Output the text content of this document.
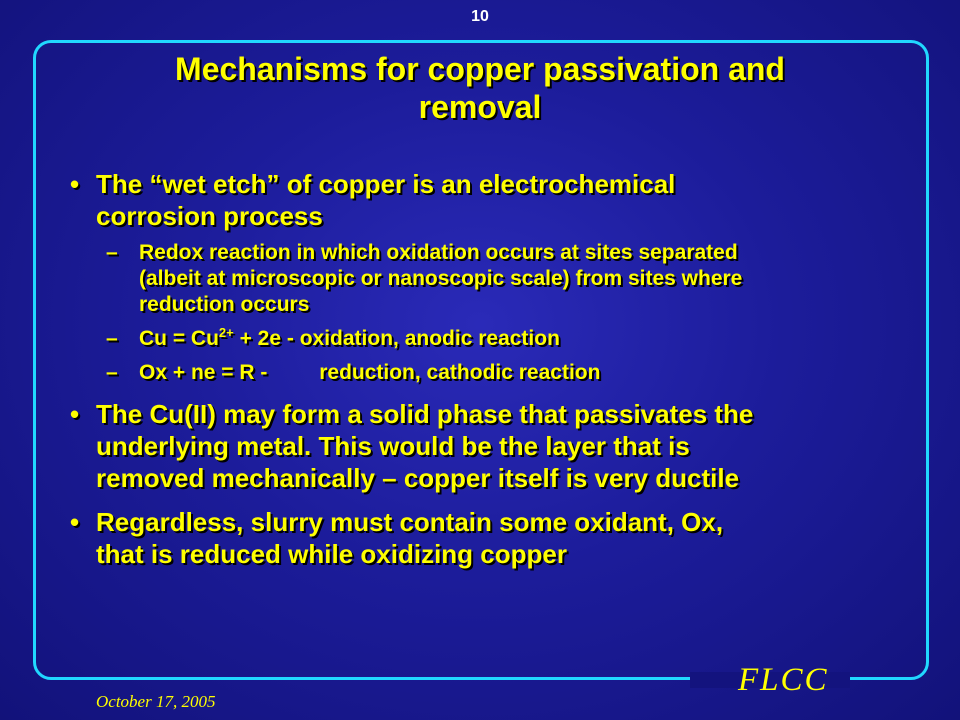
10
Mechanisms for copper passivation and
removal
• The “wet etch” of copper is an electrochemical
corrosion process
– Redox reaction in which oxidation occurs at sites separated
(albeit at microscopic or nanoscopic scale) from sites where
reduction occurs
– $Cu = Cu^{2+} + 2e$ - oxidation, anodic reaction
– Ox + ne = R - reduction, cathodic reaction
• The Cu(II) may form a solid phase that passivates the
underlying metal. This would be the layer that is
removed mechanically – copper itself is very ductile
• Regardless, slurry must contain some oxidant, Ox,
that is reduced while oxidizing copper
FLCC
October 17, 2005
